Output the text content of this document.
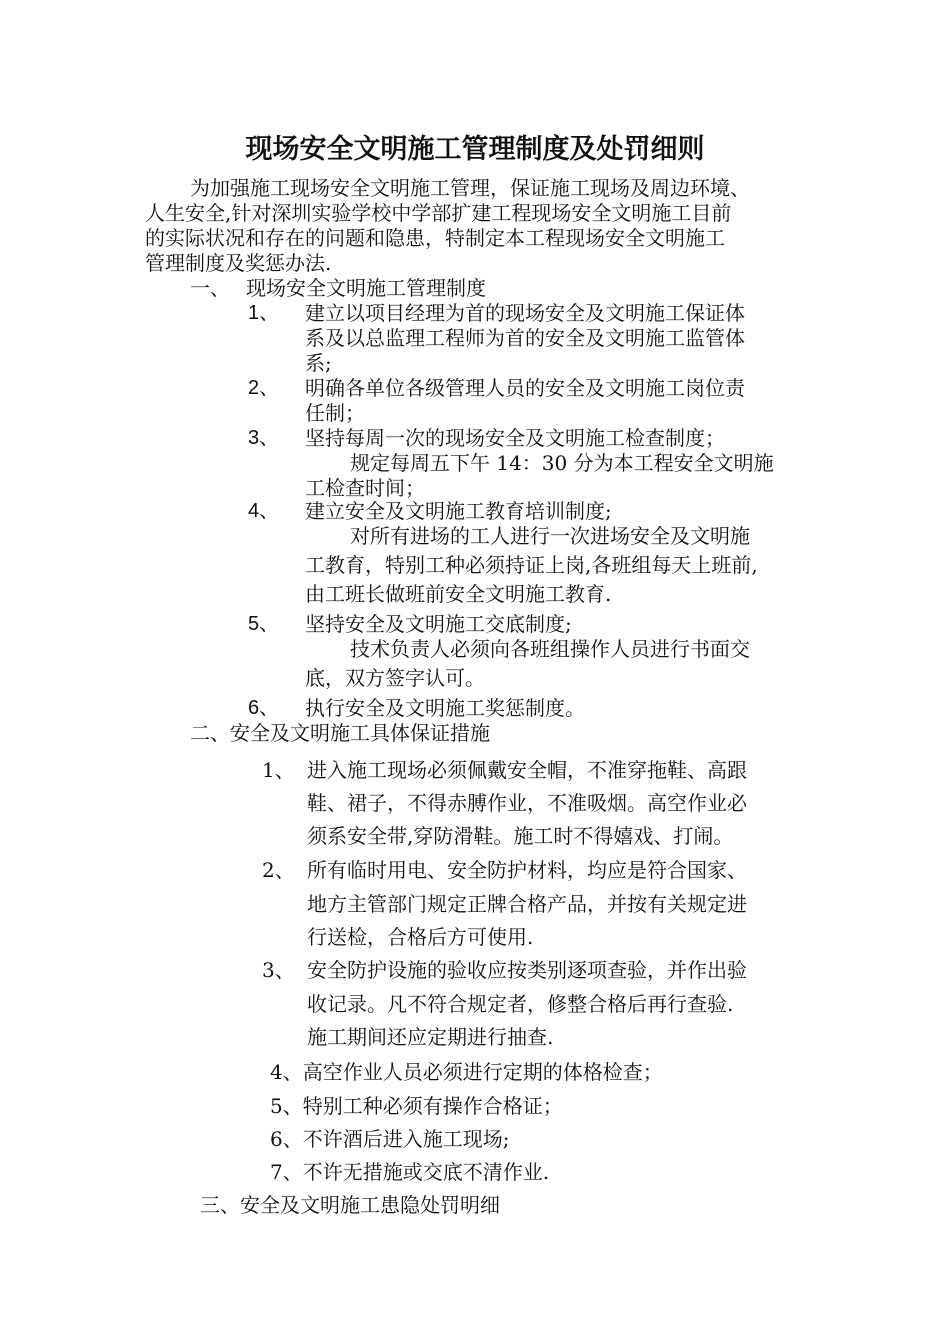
现场安全文明施工管理制度及处罚细则
为加强施工现场安全文明施工管理，保证施工现场及周边环境、
人生安全,针对深圳实验学校中学部扩建工程现场安全文明施工目前
的实际状况和存在的问题和隐患，特制定本工程现场安全文明施工
管理制度及奖惩办法.
一、 现场安全文明施工管理制度
1、 建立以项目经理为首的现场安全及文明施工保证体
系及以总监理工程师为首的安全及文明施工监管体
系;
2、 明确各单位各级管理人员的安全及文明施工岗位责
任制；
3、 坚持每周一次的现场安全及文明施工检查制度；
规定每周五下午 14：30 分为本工程安全文明施
工检查时间；
4、 建立安全及文明施工教育培训制度;
对所有进场的工人进行一次进场安全及文明施
工教育，特别工种必须持证上岗,各班组每天上班前,
由工班长做班前安全文明施工教育.
5、 坚持安全及文明施工交底制度;
技术负责人必须向各班组操作人员进行书面交
底，双方签字认可。
6、 执行安全及文明施工奖惩制度。
二、安全及文明施工具体保证措施
1、 进入施工现场必须佩戴安全帽，不准穿拖鞋、高跟
鞋、裙子，不得赤膊作业，不准吸烟。高空作业必
须系安全带,穿防滑鞋。施工时不得嬉戏、打闹。
2、 所有临时用电、安全防护材料，均应是符合国家、
地方主管部门规定正牌合格产品，并按有关规定进
行送检，合格后方可使用.
3、 安全防护设施的验收应按类别逐项查验，并作出验
收记录。凡不符合规定者，修整合格后再行查验.
施工期间还应定期进行抽查.
4、高空作业人员必须进行定期的体格检查；
5、特别工种必须有操作合格证；
6、不许酒后进入施工现场;
7、不许无措施或交底不清作业.
三、安全及文明施工患隐处罚明细
